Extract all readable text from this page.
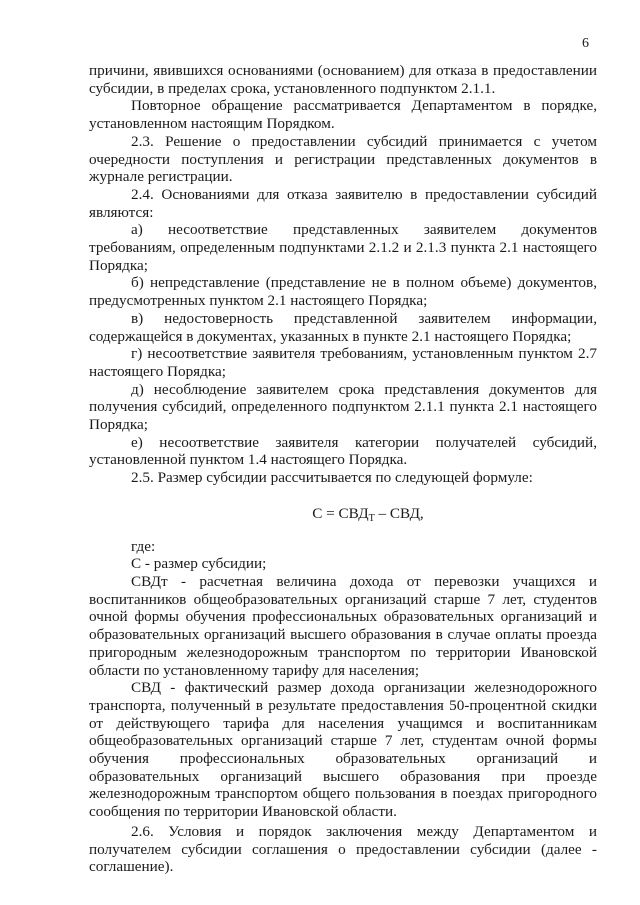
6

причини, явившихся основаниями (основанием) для отказа в предоставлении субсидии, в пределах срока, установленного подпунктом 2.1.1.

Повторное обращение рассматривается Департаментом в порядке, установленном настоящим Порядком.

2.3. Решение о предоставлении субсидий принимается с учетом очередности поступления и регистрации представленных документов в журнале регистрации.

2.4. Основаниями для отказа заявителю в предоставлении субсидий являются:

а) несоответствие представленных заявителем документов требованиям, определенным подпунктами 2.1.2 и 2.1.3 пункта 2.1 настоящего Порядка;

б) непредставление (представление не в полном объеме) документов, предусмотренных пунктом 2.1 настоящего Порядка;

в) недостоверность представленной заявителем информации, содержащейся в документах, указанных в пункте 2.1 настоящего Порядка;

г) несоответствие заявителя требованиям, установленным пунктом 2.7 настоящего Порядка;

д) несоблюдение заявителем срока представления документов для получения субсидий, определенного подпунктом 2.1.1 пункта 2.1 настоящего Порядка;

е) несоответствие заявителя категории получателей субсидий, установленной пунктом 1.4 настоящего Порядка.

2.5. Размер субсидии рассчитывается по следующей формуле:

$С = СВД_Т$ – СВД,

где:

С - размер субсидии;

СВДт - расчетная величина дохода от перевозки учащихся и воспитанников общеобразовательных организаций старше 7 лет, студентов очной формы обучения профессиональных образовательных организаций и образовательных организаций высшего образования в случае оплаты проезда пригородным железнодорожным транспортом по территории Ивановской области по установленному тарифу для населения;

СВД - фактический размер дохода организации железнодорожного транспорта, полученный в результате предоставления 50-процентной скидки от действующего тарифа для населения учащимся и воспитанникам общеобразовательных организаций старше 7 лет, студентам очной формы обучения профессиональных образовательных организаций и образовательных организаций высшего образования при проезде железнодорожным транспортом общего пользования в поездах пригородного сообщения по территории Ивановской области.

2.6. Условия и порядок заключения между Департаментом и получателем субсидии соглашения о предоставлении субсидии (далее - соглашение).
